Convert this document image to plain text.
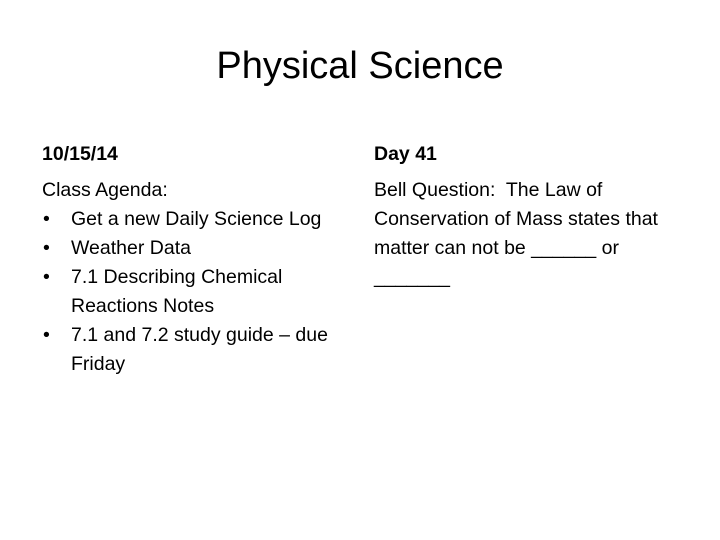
Physical Science
10/15/14
Class Agenda:
• Get a new Daily Science Log
• Weather Data
• 7.1 Describing Chemical Reactions Notes
• 7.1 and 7.2 study guide – due Friday
Day 41

Bell Question:  The Law of Conservation of Mass states that matter can not be ______ or _______
